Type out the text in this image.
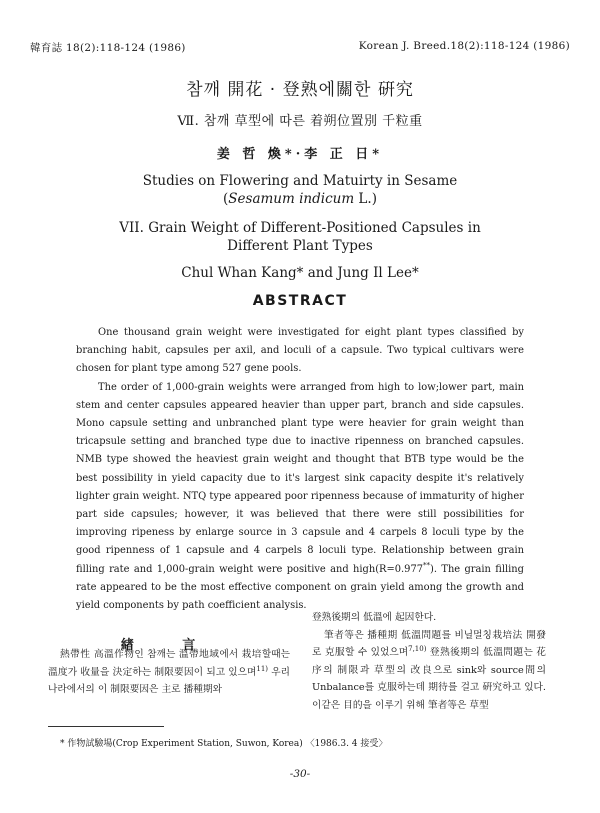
韓育誌 18(2):118-124 (1986)	Korean J. Breed.18(2):118-124 (1986)
참깨 開花 · 登熟에關한 硏究
Ⅶ. 참깨 草型에 따른 着朔位置別 千粒重
姜 哲 煥*·李 正 日*
Studies on Flowering and Matuirty in Sesame
(Sesamum indicum L.)
VII. Grain Weight of Different-Positioned Capsules in
Different Plant Types
Chul Whan Kang* and Jung Il Lee*
ABSTRACT

One thousand grain weight were investigated for eight plant types classified by branching habit, capsules per axil, and loculi of a capsule. Two typical cultivars were chosen for plant type among 527 gene pools.

The order of 1,000-grain weights were arranged from high to low;lower part, main stem and center capsules appeared heavier than upper part, branch and side capsules. Mono capsule setting and unbranched plant type were heavier for grain weight than tricapsule setting and branched type due to inactive ripenness on branched capsules. NMB type showed the heaviest grain weight and thought that BTB type would be the best possibility in yield capacity due to it's largest sink capacity despite it's relatively lighter grain weight. NTQ type appeared poor ripenness because of immaturity of higher part side capsules; however, it was believed that there were still possibilities for improving ripeness by enlarge source in 3 capsule and 4 carpels 8 loculi type by the good ripenness of 1 capsule and 4 carpels 8 loculi type. Relationship between grain filling rate and 1,000-grain weight were positive and high(R=0.977**). The grain filling rate appeared to be the most effective component on grain yield among the growth and yield components by path coefficient analysis.

緖 言

熱帶性 高溫作物인 참깨는 溫帶地域에서 栽培할때는 溫度가 收量을 決定하는 制限要因이 되고 있으며$^{11)}$ 우리나라에서의 이 制限要因은 主로 播種期와

登熟後期의 低溫에 起因한다.

筆者等은 播種期 低溫問題를 비닐멀칭栽培法 開發로 克服할 수 있었으며$^{7,10)}$ 登熟後期의 低溫問題는 花序의 制限과 草型의 改良으로 sink와 source間의 Unbalance를 克服하는데 期待를 걸고 硏究하고 있다. 이같은 目的을 이루기 위해 筆者等은 草型

* 作物試驗場(Crop Experiment Station, Suwon, Korea) 〈1986.3. 4 接受〉
-30-
